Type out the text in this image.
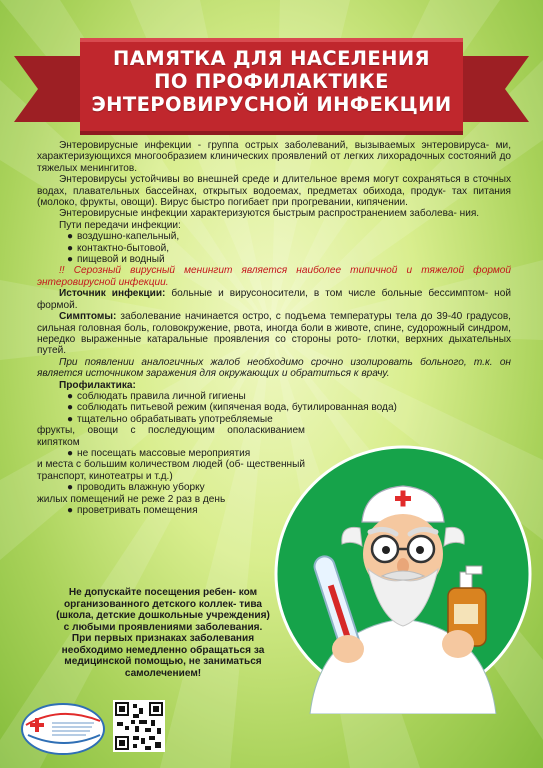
ПАМЯТКА ДЛЯ НАСЕЛЕНИЯ
ПО ПРОФИЛАКТИКЕ
ЭНТЕРОВИРУСНОЙ ИНФЕКЦИИ

Энтеровирусные инфекции - группа острых заболеваний, вызываемых энтеровируса- ми, характеризующихся многообразием клинических проявлений от легких лихорадочных состояний до тяжелых менингитов.

Энтеровирусы устойчивы во внешней среде и длительное время могут сохраняться в сточных водах, плавательных бассейнах, открытых водоемах, предметах обихода, продук- тах питания (молоко, фрукты, овощи). Вирус быстро погибает при прогревании, кипячении.

Энтеровирусные инфекции характеризуются быстрым распространением заболева- ния.

Пути передачи инфекции:

● воздушно-капельный,

● контактно-бытовой,

● пищевой и водный

!! Серозный вирусный менингит является наиболее типичной и тяжелой формой энтеровирусной инфекции.

Источник инфекции: больные и вирусоносители, в том числе больные бессимптом- ной формой.

Симптомы: заболевание начинается остро, с подъема температуры тела до 39-40 градусов, сильная головная боль, головокружение, рвота, иногда боли в животе, спине, судорожный синдром, нередко выраженные катаральные проявления со стороны рото- глотки, верхних дыхательных путей.

При появлении аналогичных жалоб необходимо срочно изолировать больного, т.к. он является источником заражения для окружающих и обратиться к врачу.

Профилактика:

● соблюдать правила личной гигиены

● соблюдать питьевой режим (кипяченая вода, бутилированная вода)

● тщательно обрабатывать употребляемые

фрукты, овощи с последующим ополаскиванием кипятком

● не посещать массовые мероприятия

и места с большим количеством людей (об- щественный транспорт, кинотеатры и т.д.)

● проводить влажную уборку

жилых помещений не реже 2 раз в день

● проветривать помещения

Не допускайте посещения ребен- ком организованного детского коллек- тива (школа, детские дошкольные учреждения) с любыми проявлениями заболевания. При первых признаках заболевания необходимо немедленно обращаться за медицинской помощью, не заниматься самолечением!
